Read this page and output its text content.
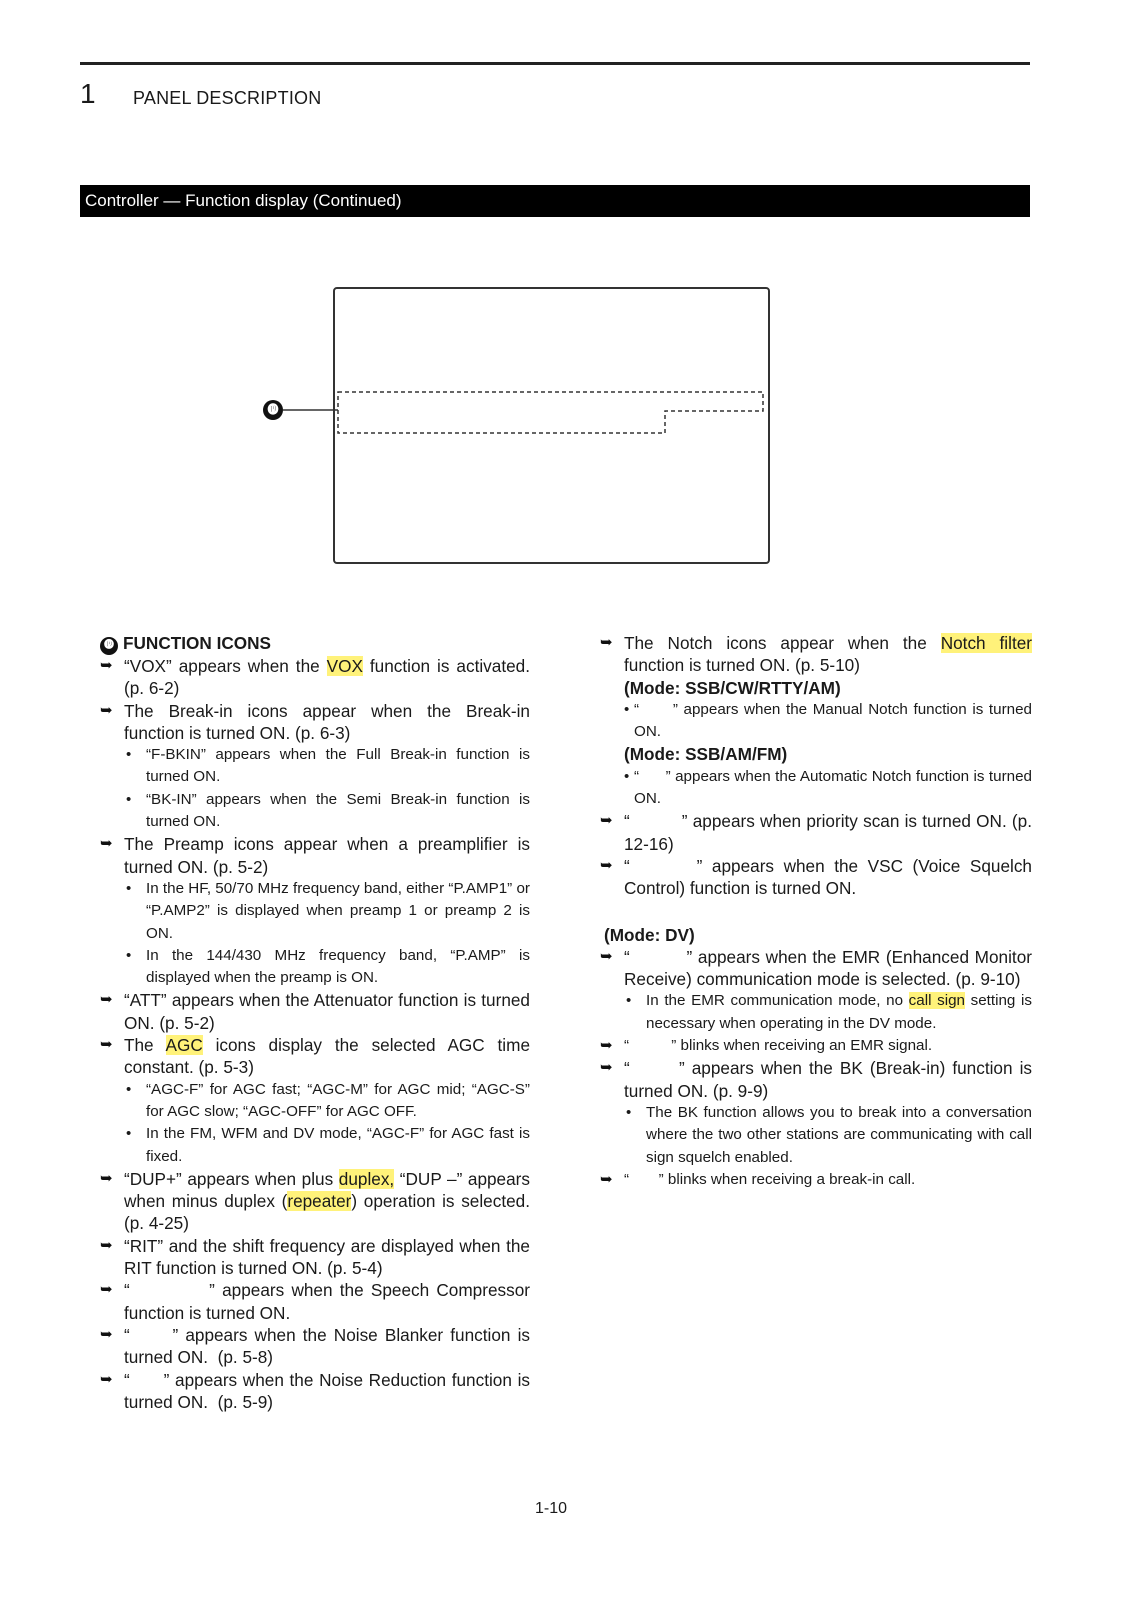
1 PANEL DESCRIPTION
Controller — Function display (Continued)
⓳
⓳ FUNCTION ICONS
➥ “VOX” appears when the VOX function is activated. (p. 6-2)
➥ The Break-in icons appear when the Break-in function is turned ON. (p. 6-3)
• “F-BKIN” appears when the Full Break-in function is turned ON.
• “BK-IN” appears when the Semi Break-in function is turned ON.
➥ The Preamp icons appear when a preamplifier is turned ON. (p. 5-2)
• In the HF, 50/70 MHz frequency band, either “P.AMP1” or “P.AMP2” is displayed when preamp 1 or preamp 2 is ON.
• In the 144/430 MHz frequency band, “P.AMP” is displayed when the preamp is ON.
➥ “ATT” appears when the Attenuator function is turned ON. (p. 5-2)
➥ The AGC icons display the selected AGC time constant. (p. 5-3)
• “AGC-F” for AGC fast; “AGC-M” for AGC mid; “AGC-S” for AGC slow; “AGC-OFF” for AGC OFF.
• In the FM, WFM and DV mode, “AGC-F” for AGC fast is fixed.
➥ “DUP+” appears when plus duplex, “DUP –” appears when minus duplex (repeater) operation is selected. (p. 4-25)
➥ “RIT” and the shift frequency are displayed when the RIT function is turned ON. (p. 5-4)
➥ “           ” appears when the Speech Compressor function is turned ON.
➥ “      ” appears when the Noise Blanker function is turned ON.  (p. 5-8)
➥ “      ” appears when the Noise Reduction function is turned ON.  (p. 5-9)
➥ The Notch icons appear when the Notch filter function is turned ON. (p. 5-10)
(Mode: SSB/CW/RTTY/AM)
• “      ” appears when the Manual Notch function is turned ON.
(Mode: SSB/AM/FM)
• “      ” appears when the Automatic Notch function is turned ON.
➥ “          ” appears when priority scan is turned ON. (p. 12-16)
➥ “       ” appears when the VSC (Voice Squelch Control) function is turned ON.
(Mode: DV)
➥ “          ” appears when the EMR (Enhanced Monitor Receive) communication mode is selected. (p. 9-10)
• In the EMR communication mode, no call sign setting is necessary when operating in the DV mode.
➥ “          ” blinks when receiving an EMR signal.
➥ “       ” appears when the BK (Break-in) function is turned ON. (p. 9-9)
• The BK function allows you to break into a conversation where the two other stations are communicating with call sign squelch enabled.
➥ “       ” blinks when receiving a break-in call.
1-10
